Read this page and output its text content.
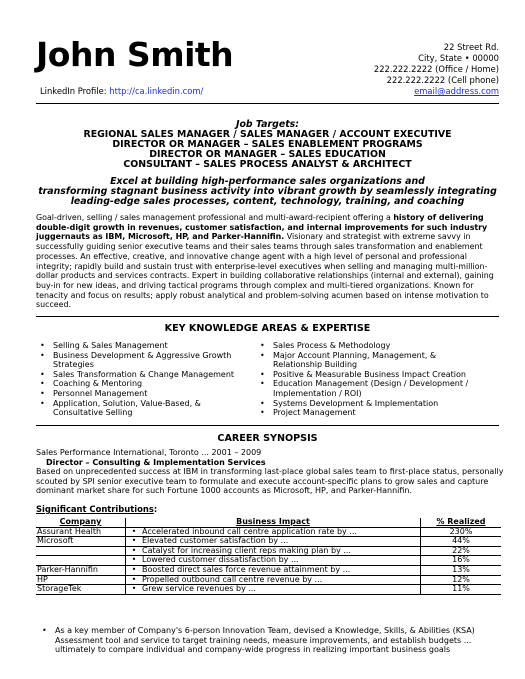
John Smith	22 Street Rd.
City, State • 00000
222.222.2222 (Office / Home)
222.222.2222 (Cell phone)
email@address.com
LinkedIn Profile: http://ca.linkedin.com/
Job Targets:
REGIONAL SALES MANAGER / SALES MANAGER / ACCOUNT EXECUTIVE
DIRECTOR OR MANAGER – SALES ENABLEMENT PROGRAMS
DIRECTOR OR MANAGER – SALES EDUCATION
CONSULTANT – SALES PROCESS ANALYST & ARCHITECT
Excel at building high-performance sales organizations and
transforming stagnant business activity into vibrant growth by seamlessly integrating
leading-edge sales processes, content, technology, training, and coaching
Goal-driven, selling / sales management professional and multi-award-recipient offering a history of delivering double-digit growth in revenues, customer satisfaction, and internal improvements for such industry juggernauts as IBM, Microsoft, HP, and Parker-Hannifin. Visionary and strategist with extreme savvy in successfully guiding senior executive teams and their sales teams through sales transformation and enablement processes. An effective, creative, and innovative change agent with a high level of personal and professional integrity; rapidly build and sustain trust with enterprise-level executives when selling and managing multi-million-dollar products and services contracts. Expert in building collaborative relationships (internal and external), gaining buy-in for new ideas, and driving tactical programs through complex and multi-tiered organizations. Known for tenacity and focus on results; apply robust analytical and problem-solving acumen based on intense motivation to succeed.
KEY KNOWLEDGE AREAS & EXPERTISE
• Selling & Sales Management
• Business Development & Aggressive Growth Strategies
• Sales Transformation & Change Management
• Coaching & Mentoring
• Personnel Management
• Application, Solution, Value-Based, & Consultative Selling
• Sales Process & Methodology
• Major Account Planning, Management, & Relationship Building
• Positive & Measurable Business Impact Creation
• Education Management (Design / Development / Implementation / ROI)
• Systems Development & Implementation
• Project Management
CAREER SYNOPSIS
Sales Performance International, Toronto ... 2001 – 2009
Director – Consulting & Implementation Services
Based on unprecedented success at IBM in transforming last-place global sales team to first-place status, personally scouted by SPI senior executive team to formulate and execute account-specific plans to grow sales and capture dominant market share for such Fortune 1000 accounts as Microsoft, HP, and Parker-Hannifin.
Significant Contributions:
Company	Business Impact	% Realized
Assurant Health	• Accelerated inbound call centre application rate by ...	230%
Microsoft	• Elevated customer satisfaction by ...	44%
	• Catalyst for increasing client reps making plan by ...	22%
	• Lowered customer dissatisfaction by ...	16%
Parker-Hannifin	• Boosted direct sales force revenue attainment by ...	13%
HP	• Propelled outbound call centre revenue by ...	12%
StorageTek	• Grew service revenues by ...	11%
• As a key member of Company's 6-person Innovation Team, devised a Knowledge, Skills, & Abilities (KSA) Assessment tool and service to target training needs, measure improvements, and establish budgets ... ultimately to compare individual and company-wide progress in realizing important business goals
